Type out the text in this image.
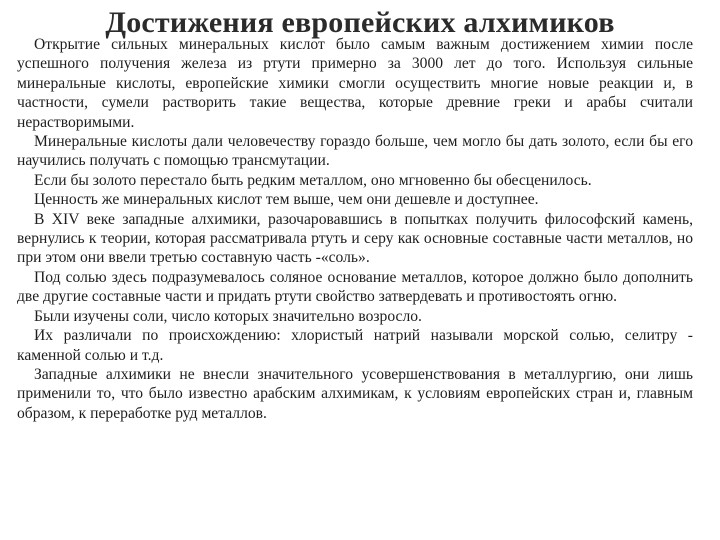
Достижения европейских алхимиков

Открытие сильных минеральных кислот было самым важным достижением химии после успешного получения железа из ртути примерно за 3000 лет до того. Используя сильные минеральные кислоты, европейские химики смогли осуществить многие новые реакции и, в частности, сумели растворить такие вещества, которые древние греки и арабы считали нерастворимыми.

Минеральные кислоты дали человечеству гораздо больше, чем могло бы дать золото, если бы его научились получать с помощью трансмутации.

Если бы золото перестало быть редким металлом, оно мгновенно бы обесценилось.

Ценность же минеральных кислот тем выше, чем они дешевле и доступнее.

В XIV веке западные алхимики, разочаровавшись в попытках получить философский камень, вернулись к теории, которая рассматривала ртуть и серу как основные составные части металлов, но при этом они ввели третью составную часть -«соль».

Под солью здесь подразумевалось соляное основание металлов, которое должно было дополнить две другие составные части и придать ртути свойство затвердевать и противостоять огню.

Были изучены соли, число которых значительно возросло.

Их различали по происхождению: хлористый натрий называли морской солью, селитру - каменной солью и т.д.

Западные алхимики не внесли значительного усовершенствования в металлургию, они лишь применили то, что было известно арабским алхимикам, к условиям европейских стран и, главным образом, к переработке руд металлов.
